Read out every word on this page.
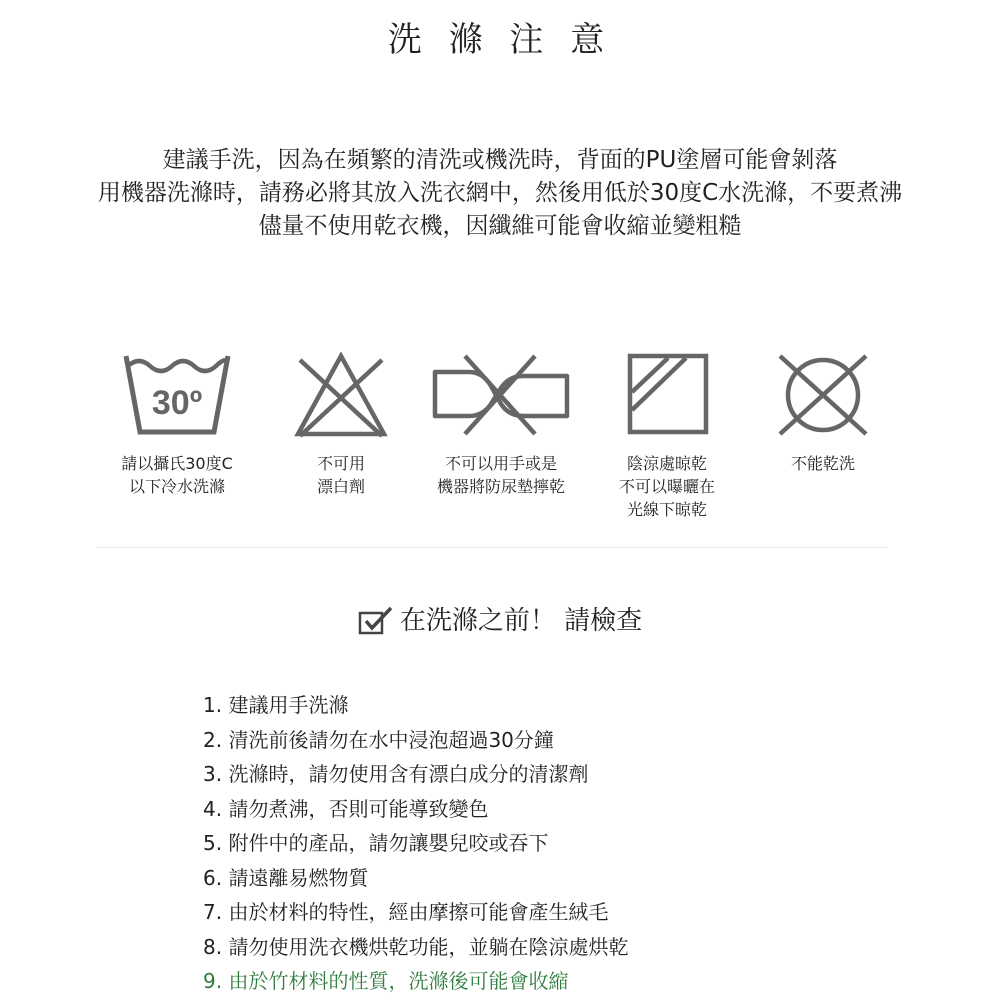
洗 滌 注 意
建議手洗，因為在頻繁的清洗或機洗時，背面的PU塗層可能會剝落
用機器洗滌時，請務必將其放入洗衣網中，然後用低於30度C水洗滌，不要煮沸
儘量不使用乾衣機，因纖維可能會收縮並變粗糙
30º
請以攝氏30度C
以下冷水洗滌
不可用
漂白劑
不可以用手或是
機器將防尿墊擰乾
陰涼處晾乾
不可以曝曬在
光線下晾乾
不能乾洗
在洗滌之前！ 請檢查
1. 建議用手洗滌
2. 清洗前後請勿在水中浸泡超過30分鐘
3. 洗滌時，請勿使用含有漂白成分的清潔劑
4. 請勿煮沸，否則可能導致變色
5. 附件中的產品，請勿讓嬰兒咬或吞下
6. 請遠離易燃物質
7. 由於材料的特性，經由摩擦可能會產生絨毛
8. 請勿使用洗衣機烘乾功能，並躺在陰涼處烘乾
9. 由於竹材料的性質，洗滌後可能會收縮
